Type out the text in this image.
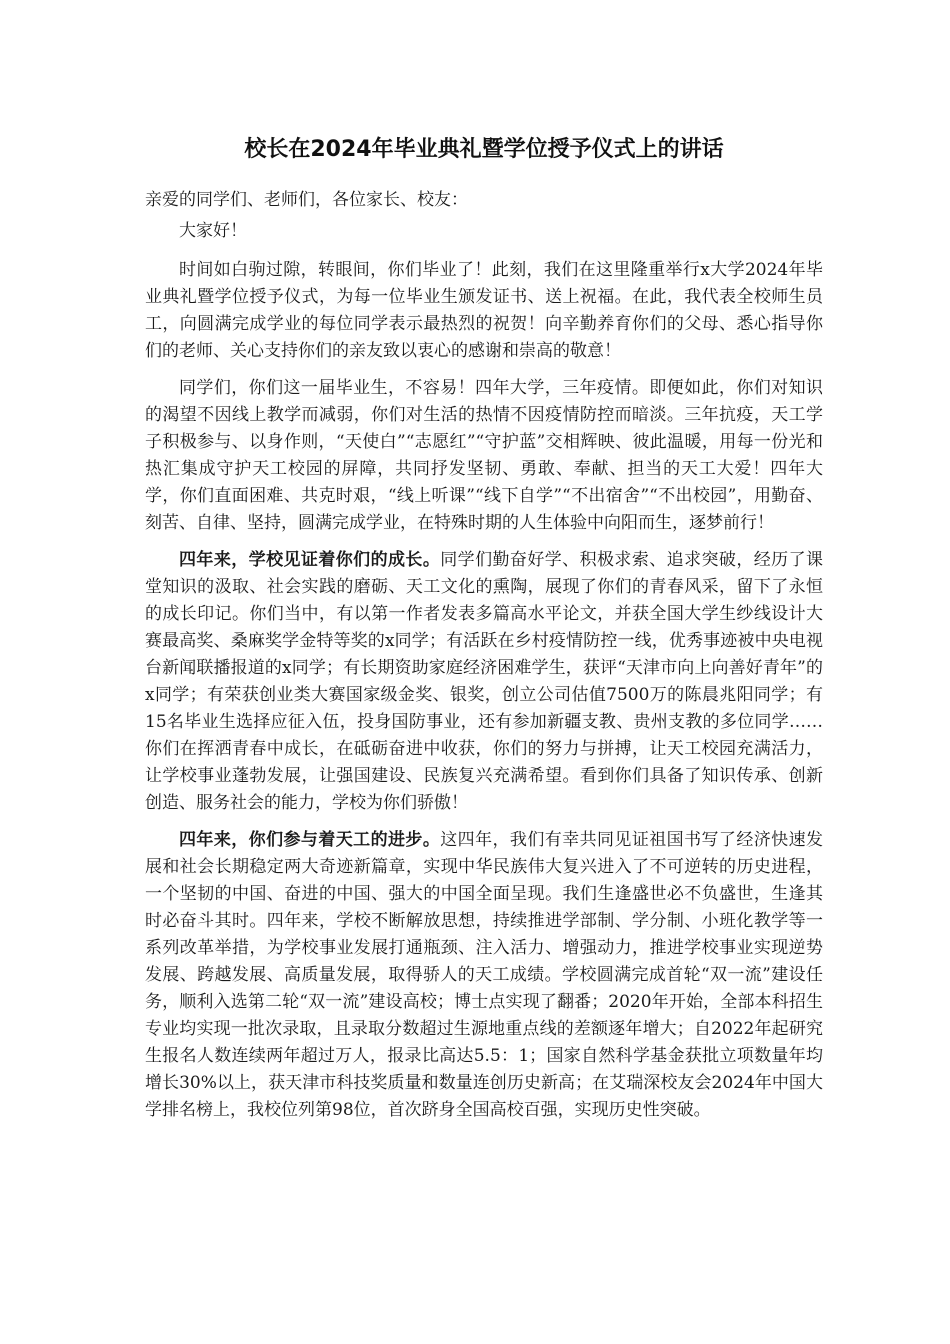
校长在2024年毕业典礼暨学位授予仪式上的讲话

亲爱的同学们、老师们，各位家长、校友：

大家好！

时间如白驹过隙，转眼间，你们毕业了！此刻，我们在这里隆重举行x大学2024年毕业典礼暨学位授予仪式，为每一位毕业生颁发证书、送上祝福。在此，我代表全校师生员工，向圆满完成学业的每位同学表示最热烈的祝贺！向辛勤养育你们的父母、悉心指导你们的老师、关心支持你们的亲友致以衷心的感谢和崇高的敬意！

同学们，你们这一届毕业生，不容易！四年大学，三年疫情。即便如此，你们对知识的渴望不因线上教学而减弱，你们对生活的热情不因疫情防控而暗淡。三年抗疫，天工学子积极参与、以身作则，“天使白”“志愿红”“守护蓝”交相辉映、彼此温暖，用每一份光和热汇集成守护天工校园的屏障，共同抒发坚韧、勇敢、奉献、担当的天工大爱！四年大学，你们直面困难、共克时艰，“线上听课”“线下自学”“不出宿舍”“不出校园”，用勤奋、刻苦、自律、坚持，圆满完成学业，在特殊时期的人生体验中向阳而生，逐梦前行！

四年来，学校见证着你们的成长。同学们勤奋好学、积极求索、追求突破，经历了课堂知识的汲取、社会实践的磨砺、天工文化的熏陶，展现了你们的青春风采，留下了永恒的成长印记。你们当中，有以第一作者发表多篇高水平论文，并获全国大学生纱线设计大赛最高奖、桑麻奖学金特等奖的x同学；有活跃在乡村疫情防控一线，优秀事迹被中央电视台新闻联播报道的x同学；有长期资助家庭经济困难学生，获评“天津市向上向善好青年”的x同学；有荣获创业类大赛国家级金奖、银奖，创立公司估值7500万的陈晨兆阳同学；有15名毕业生选择应征入伍，投身国防事业，还有参加新疆支教、贵州支教的多位同学……你们在挥洒青春中成长，在砥砺奋进中收获，你们的努力与拼搏，让天工校园充满活力，让学校事业蓬勃发展，让强国建设、民族复兴充满希望。看到你们具备了知识传承、创新创造、服务社会的能力，学校为你们骄傲！

四年来，你们参与着天工的进步。这四年，我们有幸共同见证祖国书写了经济快速发展和社会长期稳定两大奇迹新篇章，实现中华民族伟大复兴进入了不可逆转的历史进程，一个坚韧的中国、奋进的中国、强大的中国全面呈现。我们生逢盛世必不负盛世，生逢其时必奋斗其时。四年来，学校不断解放思想，持续推进学部制、学分制、小班化教学等一系列改革举措，为学校事业发展打通瓶颈、注入活力、增强动力，推进学校事业实现逆势发展、跨越发展、高质量发展，取得骄人的天工成绩。学校圆满完成首轮“双一流”建设任务，顺利入选第二轮“双一流”建设高校；博士点实现了翻番；2020年开始，全部本科招生专业均实现一批次录取，且录取分数超过生源地重点线的差额逐年增大；自2022年起研究生报名人数连续两年超过万人，报录比高达5.5：1；国家自然科学基金获批立项数量年均增长30%以上，获天津市科技奖质量和数量连创历史新高；在艾瑞深校友会2024年中国大学排名榜上，我校位列第98位，首次跻身全国高校百强，实现历史性突破。
